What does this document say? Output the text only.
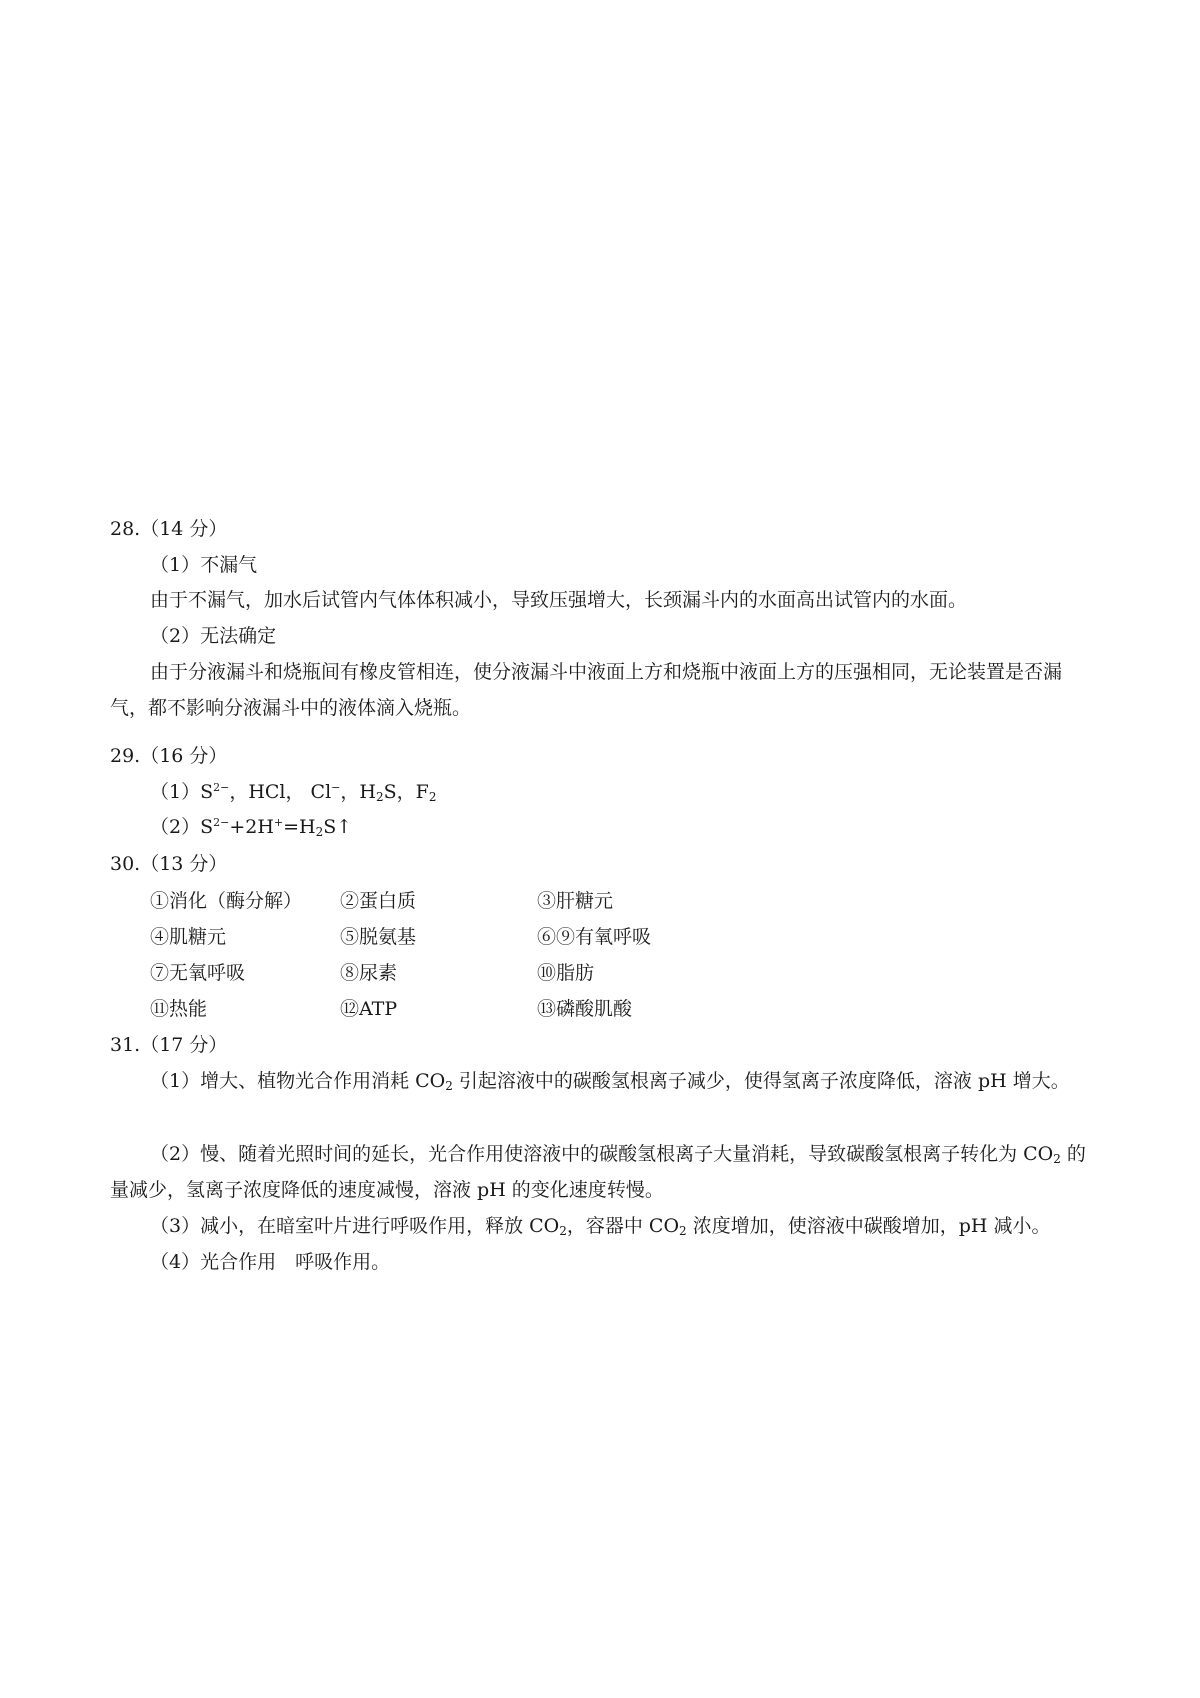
28.（14 分）
（1）不漏气
由于不漏气，加水后试管内气体体积减小，导致压强增大，长颈漏斗内的水面高出试管内的水面。
（2）无法确定
由于分液漏斗和烧瓶间有橡皮管相连，使分液漏斗中液面上方和烧瓶中液面上方的压强相同，无论装置是否漏气，都不影响分液漏斗中的液体滴入烧瓶。
29.（16 分）
$(1)S^{2-}$，HCl， Cl−，$H_2S$，$F_2$
$(2)S^{2-}+2H^+=H_2S↑$
30.（13 分）
①消化（酶分解） ②蛋白质	③肝糖元
④肌糖元	⑤脱氨基	⑥⑨有氧呼吸
⑦无氧呼吸	⑧尿素	⑩脂肪
⑪热能	⑫ATP	⑬磷酸肌酸
31.（17 分）
（1）增大、植物光合作用消耗 $CO_2$ 引起溶液中的碳酸氢根离子减少，使得氢离子浓度降低，溶液 pH 增大。
（2）慢、随着光照时间的延长，光合作用使溶液中的碳酸氢根离子大量消耗，导致碳酸氢根离子转化为 $CO_2$ 的量减少，氢离子浓度降低的速度减慢，溶液 pH 的变化速度转慢。
（3）减小，在暗室叶片进行呼吸作用，释放 $CO_2$，容器中 $CO_2$ 浓度增加，使溶液中碳酸增加，pH 减小。
（4）光合作用　呼吸作用。
